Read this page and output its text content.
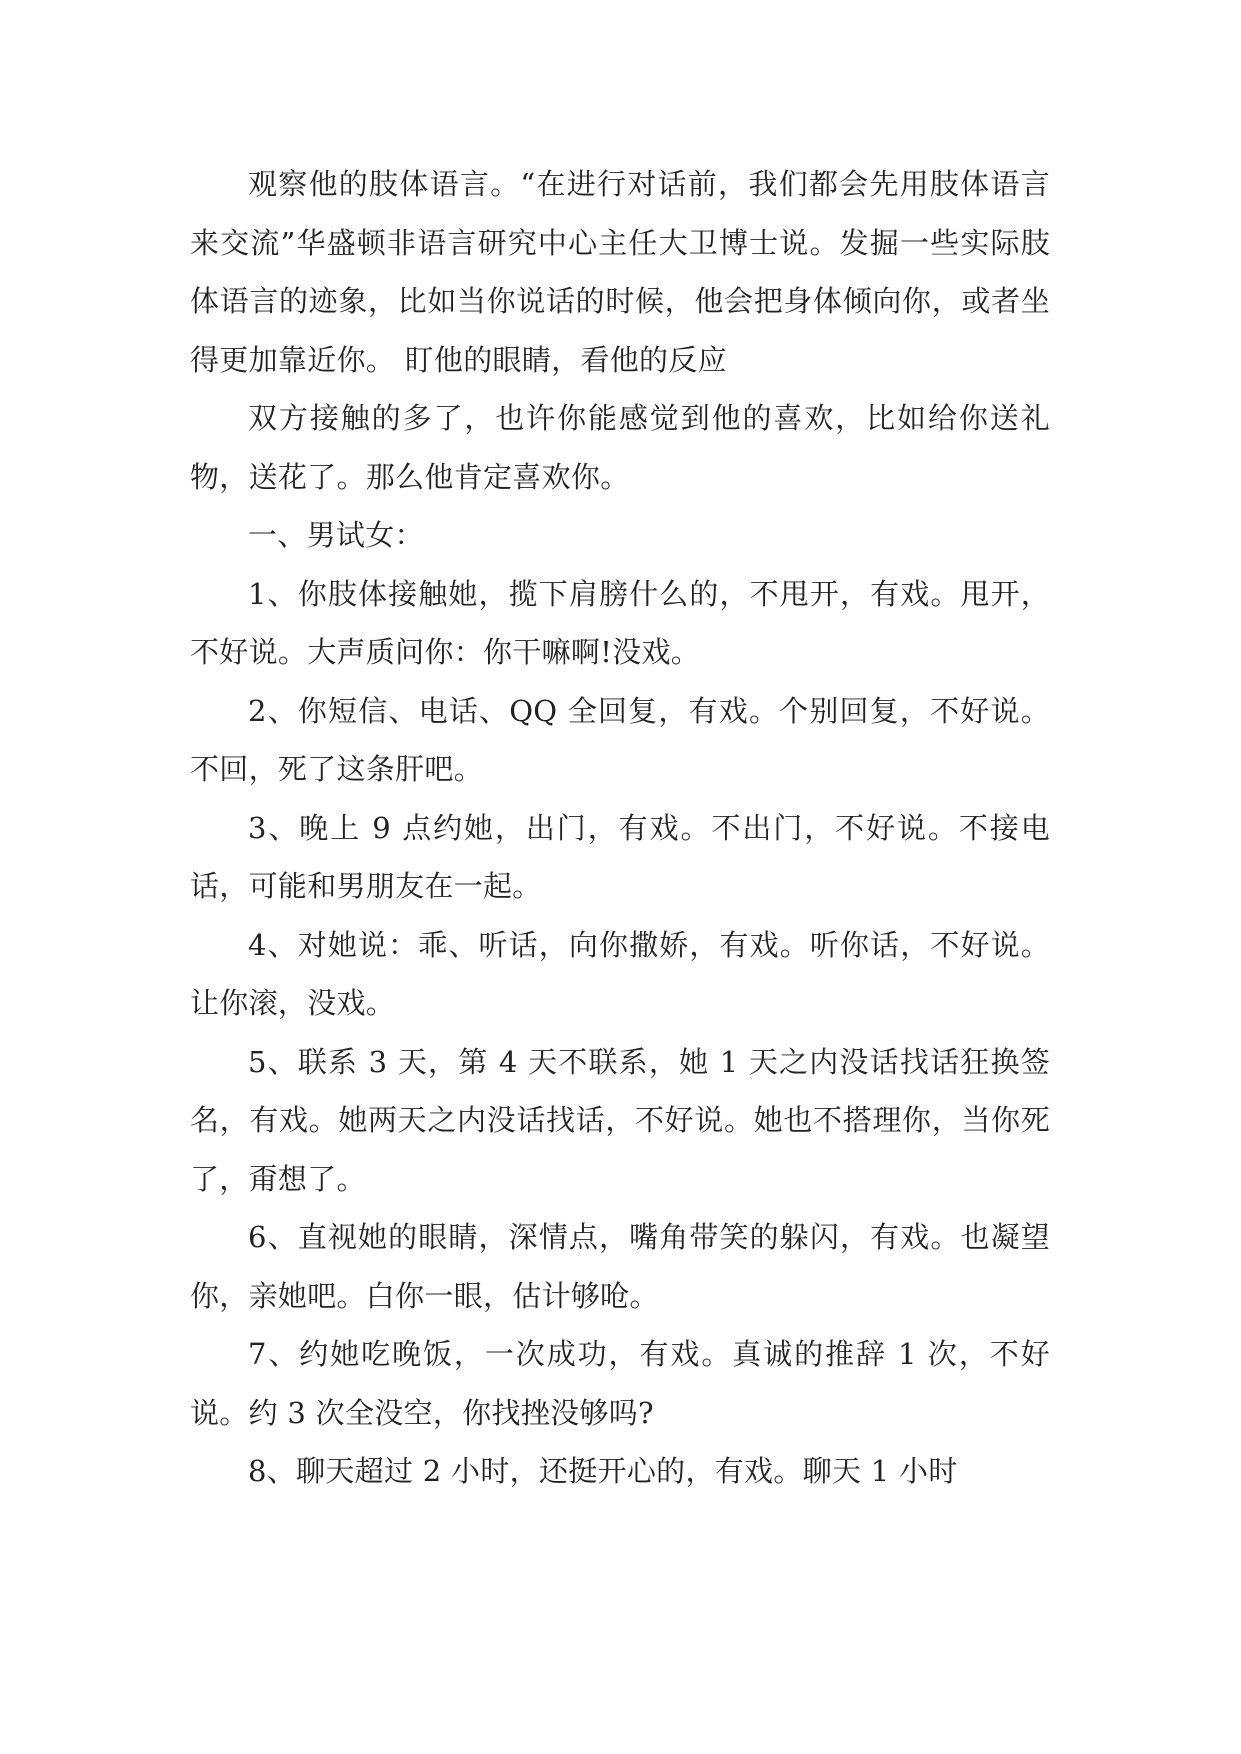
观察他的肢体语言。“在进行对话前，我们都会先用肢体语言来交流”华盛顿非语言研究中心主任大卫博士说。发掘一些实际肢体语言的迹象，比如当你说话的时候，他会把身体倾向你，或者坐得更加靠近你。 盯他的眼睛，看他的反应

双方接触的多了，也许你能感觉到他的喜欢，比如给你送礼物，送花了。那么他肯定喜欢你。

一、男试女：

1、你肢体接触她，揽下肩膀什么的，不甩开，有戏。甩开，不好说。大声质问你：你干嘛啊!没戏。

2、你短信、电话、QQ 全回复，有戏。个别回复，不好说。不回，死了这条肝吧。

3、晚上 9 点约她，出门，有戏。不出门，不好说。不接电话，可能和男朋友在一起。

4、对她说：乖、听话，向你撒娇，有戏。听你话，不好说。让你滚，没戏。

5、联系 3 天，第 4 天不联系，她 1 天之内没话找话狂换签名，有戏。她两天之内没话找话，不好说。她也不搭理你，当你死了，甭想了。

6、直视她的眼睛，深情点，嘴角带笑的躲闪，有戏。也凝望你，亲她吧。白你一眼，估计够呛。

7、约她吃晚饭，一次成功，有戏。真诚的推辞 1 次，不好说。约 3 次全没空，你找挫没够吗?

8、聊天超过 2 小时，还挺开心的，有戏。聊天 1 小时
